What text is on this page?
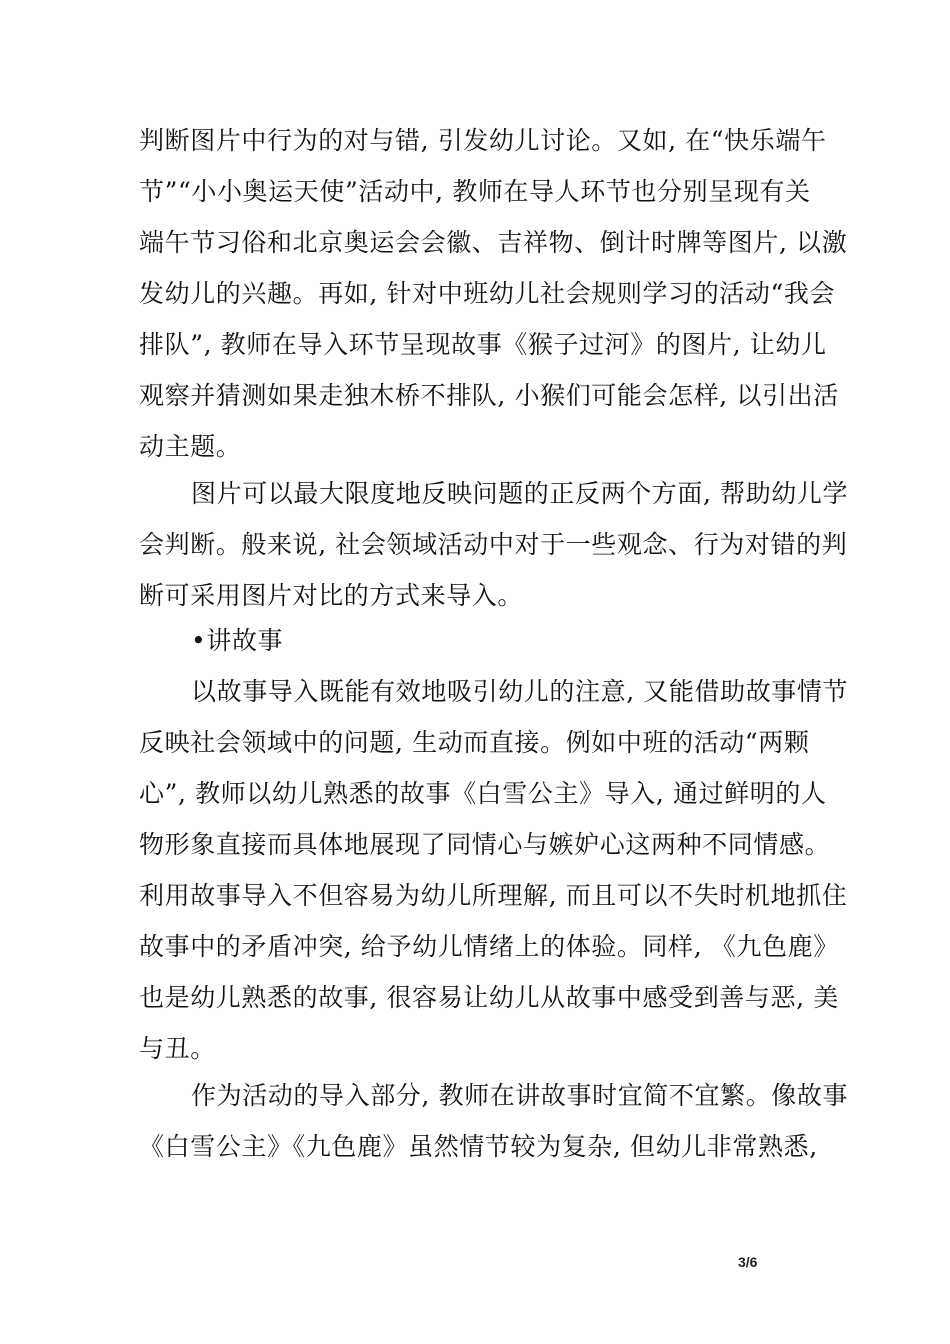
判断图片中行为的对与错, 引发幼儿讨论。又如, 在“快乐端午
节”“小小奥运天使”活动中, 教师在导人环节也分别呈现有关
端午节习俗和北京奥运会会徽、吉祥物、倒计时牌等图片, 以激
发幼儿的兴趣。再如, 针对中班幼儿社会规则学习的活动“我会
排队”, 教师在导入环节呈现故事《猴子过河》的图片, 让幼儿
观察并猜测如果走独木桥不排队, 小猴们可能会怎样, 以引出活
动主题。
图片可以最大限度地反映问题的正反两个方面, 帮助幼儿学
会判断。般来说, 社会领域活动中对于一些观念、行为对错的判
断可采用图片对比的方式来导入。
•讲故事
以故事导入既能有效地吸引幼儿的注意, 又能借助故事情节
反映社会领域中的问题, 生动而直接。例如中班的活动“两颗
心”, 教师以幼儿熟悉的故事《白雪公主》导入, 通过鲜明的人
物形象直接而具体地展现了同情心与嫉妒心这两种不同情感。
利用故事导入不但容易为幼儿所理解, 而且可以不失时机地抓住
故事中的矛盾冲突, 给予幼儿情绪上的体验。同样, 《九色鹿》
也是幼儿熟悉的故事, 很容易让幼儿从故事中感受到善与恶, 美
与丑。
作为活动的导入部分, 教师在讲故事时宜简不宜繁。像故事
《白雪公主》《九色鹿》虽然情节较为复杂, 但幼儿非常熟悉,
3/6
